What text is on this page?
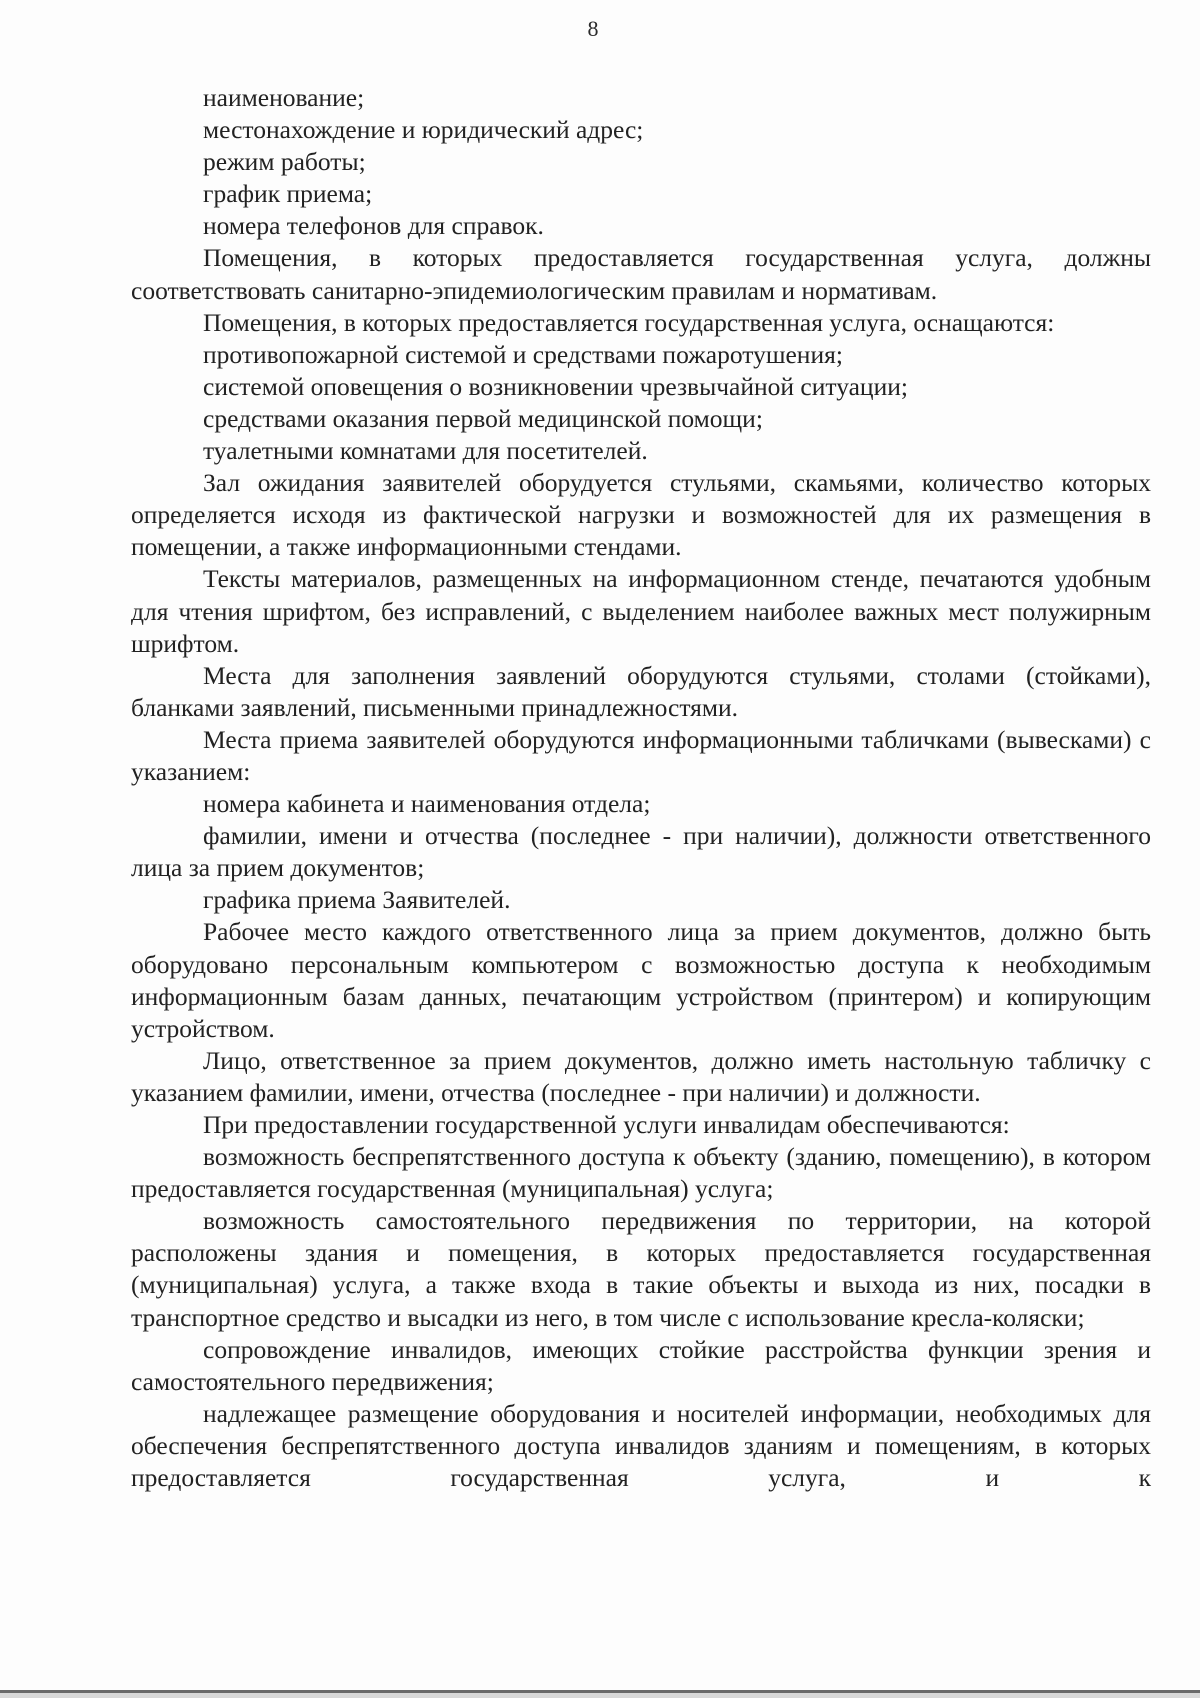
8

наименование;

местонахождение и юридический адрес;

режим работы;

график приема;

номера телефонов для справок.

Помещения, в которых предоставляется государственная услуга, должны соответствовать санитарно-эпидемиологическим правилам и нормативам.

Помещения, в которых предоставляется государственная услуга, оснащаются:

противопожарной системой и средствами пожаротушения;

системой оповещения о возникновении чрезвычайной ситуации;

средствами оказания первой медицинской помощи;

туалетными комнатами для посетителей.

Зал ожидания заявителей оборудуется стульями, скамьями, количество которых определяется исходя из фактической нагрузки и возможностей для их размещения в помещении, а также информационными стендами.

Тексты материалов, размещенных на информационном стенде, печатаются удобным для чтения шрифтом, без исправлений, с выделением наиболее важных мест полужирным шрифтом.

Места для заполнения заявлений оборудуются стульями, столами (стойками), бланками заявлений, письменными принадлежностями.

Места приема заявителей оборудуются информационными табличками (вывесками) с указанием:

номера кабинета и наименования отдела;

фамилии, имени и отчества (последнее - при наличии), должности ответственного лица за прием документов;

графика приема Заявителей.

Рабочее место каждого ответственного лица за прием документов, должно быть оборудовано персональным компьютером с возможностью доступа к необходимым информационным базам данных, печатающим устройством (принтером) и копирующим устройством.

Лицо, ответственное за прием документов, должно иметь настольную табличку с указанием фамилии, имени, отчества (последнее - при наличии) и должности.

При предоставлении государственной услуги инвалидам обеспечиваются:

возможность беспрепятственного доступа к объекту (зданию, помещению), в котором предоставляется государственная (муниципальная) услуга;

возможность самостоятельного передвижения по территории, на которой расположены здания и помещения, в которых предоставляется государственная (муниципальная) услуга, а также входа в такие объекты и выхода из них, посадки в транспортное средство и высадки из него, в том числе с использование кресла-коляски;

сопровождение инвалидов, имеющих стойкие расстройства функции зрения и самостоятельного передвижения;

надлежащее размещение оборудования и носителей информации, необходимых для обеспечения беспрепятственного доступа инвалидов зданиям и помещениям, в которых предоставляется государственная услуга, и к
